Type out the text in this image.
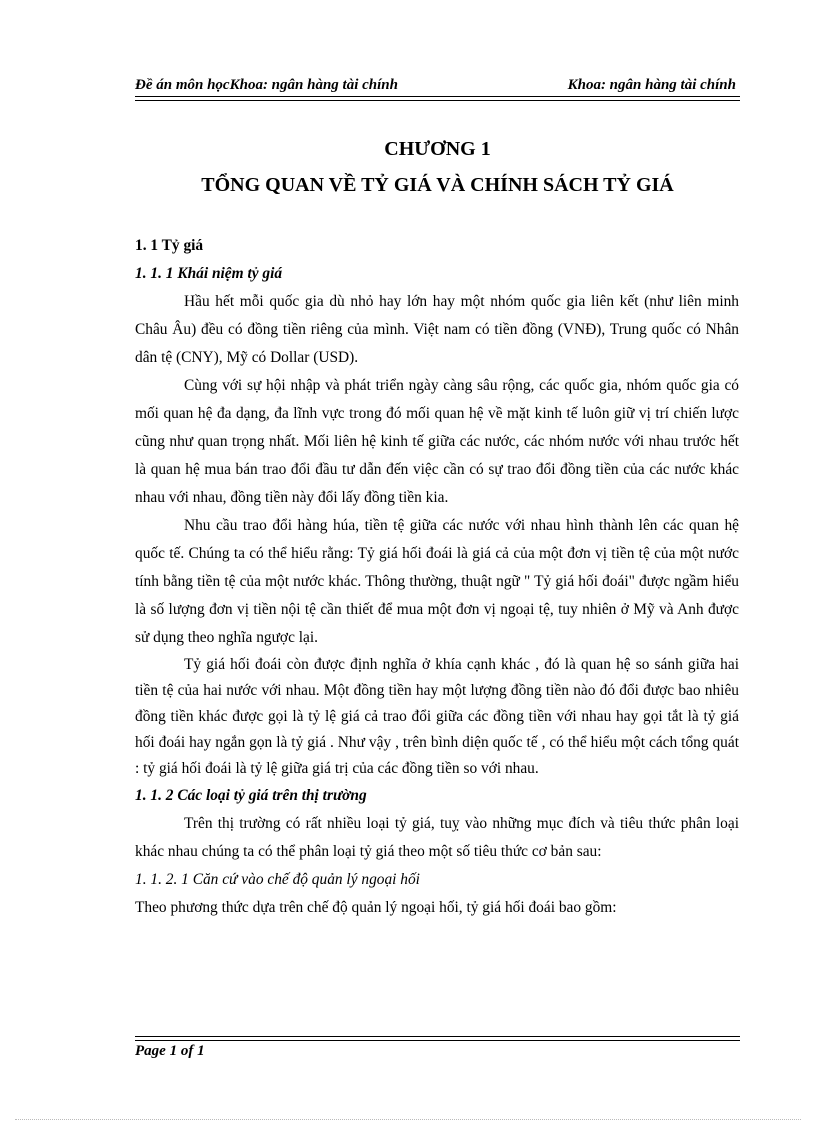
Đề án môn họcKhoa: ngân hàng tài chính	Khoa: ngân hàng tài chính
CHƯƠNG 1
TỔNG QUAN VỀ TỶ GIÁ VÀ CHÍNH SÁCH TỶ GIÁ

1. 1 Tỷ giá

1. 1. 1 Khái niệm tỷ giá

Hầu hết mỗi quốc gia dù nhỏ hay lớn hay một nhóm quốc gia liên kết (như liên minh Châu Âu) đều có đồng tiền riêng của mình. Việt nam có tiền đồng (VNĐ), Trung quốc có Nhân dân tệ (CNY), Mỹ có Dollar (USD).

Cùng với sự hội nhập và phát triển ngày càng sâu rộng, các quốc gia, nhóm quốc gia có mối quan hệ đa dạng, đa lĩnh vực trong đó mối quan hệ về mặt kinh tế luôn giữ vị trí chiến lược cũng như quan trọng nhất. Mối liên hệ kinh tế giữa các nước, các nhóm nước với nhau trước hết là quan hệ mua bán trao đổi đầu tư dẫn đến việc cần có sự trao đổi đồng tiền của các nước khác nhau với nhau, đồng tiền này đổi lấy đồng tiền kia.

Nhu cầu trao đổi hàng húa, tiền tệ giữa các nước với nhau hình thành lên các quan hệ quốc tế. Chúng ta có thể hiểu rằng: Tỷ giá hối đoái là giá cả của một đơn vị tiền tệ của một nước tính bằng tiền tệ của một nước khác. Thông thường, thuật ngữ " Tỷ giá hối đoái" được ngầm hiểu là số lượng đơn vị tiền nội tệ cần thiết để mua một đơn vị ngoại tệ, tuy nhiên ở Mỹ và Anh được sử dụng theo nghĩa ngược lại.

Tỷ giá hối đoái còn được định nghĩa ở khía cạnh khác , đó là quan hệ so sánh giữa hai tiền tệ của hai nước với nhau. Một đồng tiền hay một lượng đồng tiền nào đó đổi được bao nhiêu đồng tiền khác được gọi là tỷ lệ giá cả trao đổi giữa các đồng tiền với nhau hay gọi tắt là tỷ giá hối đoái hay ngắn gọn là tỷ giá . Như vậy , trên bình diện quốc tế , có thể hiểu một cách tổng quát : tỷ giá hối đoái là tỷ lệ giữa giá trị của các đồng tiền so với nhau.

1. 1. 2 Các loại tỷ giá trên thị trường

Trên thị trường có rất nhiều loại tỷ giá, tuỵ vào những mục đích và tiêu thức phân loại khác nhau chúng ta có thể phân loại tỷ giá theo một số tiêu thức cơ bản sau:

1. 1. 2. 1 Căn cứ vào chế độ quản lý ngoại hối

Theo phương thức dựa trên chế độ quản lý ngoại hối, tỷ giá hối đoái bao gồm:

Page 1 of 1
